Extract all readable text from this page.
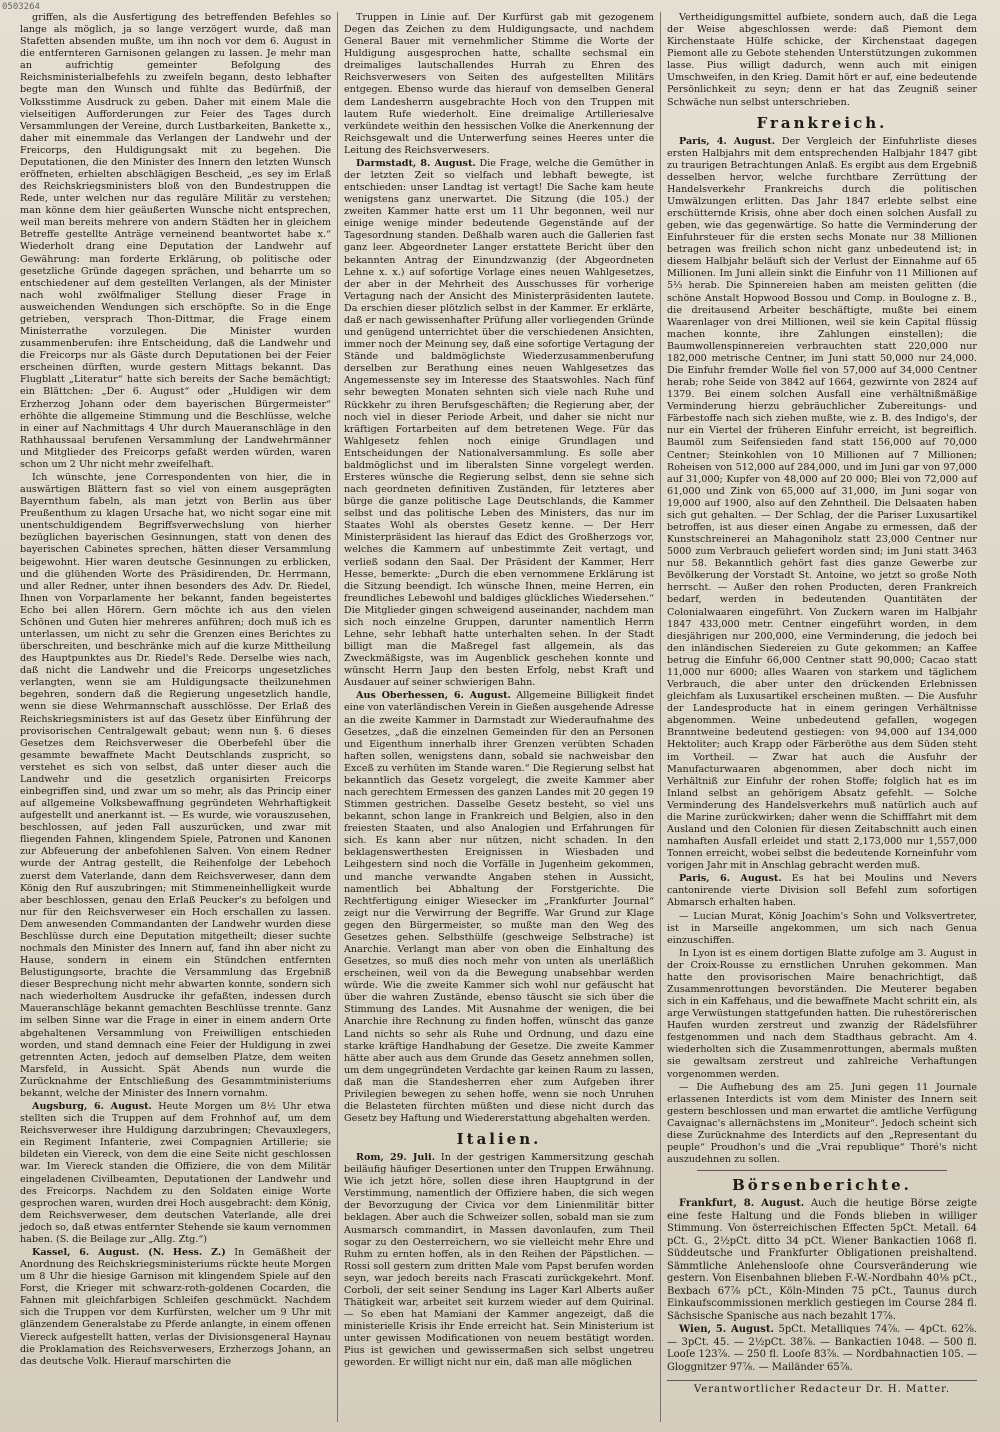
0503264

griffen, als die Ausfertigung des betreffenden Befehles so lange als möglich, ja so lange verzögert wurde, daß man Stafetten absenden mußte, um ihn noch vor dem 6. August in die entfernteren Garnisonen gelangen zu lassen. Je mehr man an aufrichtig gemeinter Befolgung des Reichsministerialbefehls zu zweifeln begann, desto lebhafter begte man den Wunsch und fühlte das Bedürfniß, der Volksstimme Ausdruck zu geben. Daher mit einem Male die vielseitigen Aufforderungen zur Feier des Tages durch Versammlungen der Vereine, durch Lustbarkeiten, Bankette x., daher mit einemmale das Verlangen der Landwehr und der Freicorps, den Huldigungsakt mit zu begehen. Die Deputationen, die den Minister des Innern den letzten Wunsch eröffneten, erhielten abschlägigen Bescheid, „es sey im Erlaß des Reichskriegsministers bloß von den Bundestruppen die Rede, unter welchen nur das reguläre Militär zu verstehen; man könne dem hier geäußerten Wunsche nicht entsprechen, weil man bereits mehrere von andern Städten her in gleichem Betreffe gestellte Anträge verneinend beantwortet habe x.“ Wiederholt drang eine Deputation der Landwehr auf Gewährung: man forderte Erklärung, ob politische oder gesetzliche Gründe dagegen sprächen, und beharrte um so entschiedener auf dem gestellten Verlangen, als der Minister nach wohl zwölfmaliger Stellung dieser Frage in ausweichenden Wendungen sich erschöpfte. So in die Enge getrieben, versprach Thon-Dittmar, die Frage einem Ministerrathe vorzulegen. Die Minister wurden zusammenberufen: ihre Entscheidung, daß die Landwehr und die Freicorps nur als Gäste durch Deputationen bei der Feier erscheinen dürften, wurde gestern Mittags bekannt. Das Flugblatt „Literatur“ hatte sich bereits der Sache bemächtigt; ein Blättchen: „Der 6. August“ oder „Huldigen wir dem Erzherzog Johann oder dem bayerischen Bürgermeister“ erhöhte die allgemeine Stimmung und die Beschlüsse, welche in einer auf Nachmittags 4 Uhr durch Maueranschläge in den Rathhaussaal berufenen Versammlung der Landwehrmänner und Mitglieder des Freicorps gefaßt werden würden, waren schon um 2 Uhr nicht mehr zweifelhaft.

Ich wünschte, jene Correspondenten von hier, die in auswärtigen Blättern fast so viel von einem ausgeprägten Bayernthum fabeln, als man jetzt von Berlin aus über Preußenthum zu klagen Ursache hat, wo nicht sogar eine mit unentschuldigendem Begriffsverwechslung von hierher bezüglichen bayerischen Gesinnungen, statt von denen des bayerischen Cabinetes sprechen, hätten dieser Versammlung beigewohnt. Hier waren deutsche Gesinnungen zu erblicken, und die glühenden Worte des Präsidirenden, Dr. Herrmann, und aller Redner, unter ihnen besonders des Adv. Dr. Riedel, Ihnen von Vorparlamente her bekannt, fanden begeistertes Echo bei allen Hörern. Gern möchte ich aus den vielen Schönen und Guten hier mehreres anführen; doch muß ich es unterlassen, um nicht zu sehr die Grenzen eines Berichtes zu überschreiten, und beschränke mich auf die kurze Mittheilung des Hauptpunktes aus Dr. Riedel's Rede. Derselbe wies nach, daß nicht die Landwehr und die Freicorps ungesetzliches verlangten, wenn sie am Huldigungsacte theilzunehmen begehren, sondern daß die Regierung ungesetzlich handle, wenn sie diese Wehrmannschaft ausschlösse. Der Erlaß des Reichskriegsministers ist auf das Gesetz über Einführung der provisorischen Centralgewalt gebaut; wenn nun §. 6 dieses Gesetzes dem Reichsverweser die Oberbefehl über die gesammte bewaffnete Macht Deutschlands zuspricht, so verstehet es sich von selbst, daß unter dieser auch die Landwehr und die gesetzlich organisirten Freicorps einbegriffen sind, und zwar um so mehr, als das Princip einer auf allgemeine Volksbewaffnung gegründeten Wehrhaftigkeit aufgestellt und anerkannt ist. — Es wurde, wie vorauszusehen, beschlossen, auf jeden Fall auszurücken, und zwar mit fliegenden Fahnen, klingendem Spiele, Patronen und Kanonen zur Abfeuerung der anbefohlenen Salven. Von einem Redner wurde der Antrag gestellt, die Reihenfolge der Lebehoch zuerst dem Vaterlande, dann dem Reichsverweser, dann dem König den Ruf auszubringen; mit Stimmeneinhelligkeit wurde aber beschlossen, genau den Erlaß Peucker's zu befolgen und nur für den Reichsverweser ein Hoch erschallen zu lassen. Dem anwesenden Commandanten der Landwehr wurden diese Beschlüsse durch eine Deputation mitgetheilt; dieser suchte nochmals den Minister des Innern auf, fand ihn aber nicht zu Hause, sondern in einem ein Stündchen entfernten Belustigungsorte, brachte die Versammlung das Ergebniß dieser Besprechung nicht mehr abwarten konnte, sondern sich nach wiederholtem Ausdrucke ihr gefaßten, indessen durch Maueranschläge bekannt gemachten Beschlüsse trennte. Ganz im selben Sinne war die Frage in einer in einem andern Orte abgehaltenen Versammlung von Freiwilligen entschieden worden, und stand demnach eine Feier der Huldigung in zwei getrennten Acten, jedoch auf demselben Platze, dem weiten Marsfeld, in Aussicht. Spät Abends nun wurde die Zurücknahme der Entschließung des Gesammtministeriums bekannt, welche der Minister des Innern vornahm.

Augsburg, 6. August. Heute Morgen um 8½ Uhr etwa stellten sich die Truppen auf dem Frohnhof auf, um dem Reichsverweser ihre Huldigung darzubringen; Chevauxlegers, ein Regiment Infanterie, zwei Compagnien Artillerie; sie bildeten ein Viereck, von dem die eine Seite nicht geschlossen war. Im Viereck standen die Offiziere, die von dem Militär eingeladenen Civilbeamten, Deputationen der Landwehr und des Freicorps. Nachdem zu den Soldaten einige Worte gesprochen waren, wurden drei Hoch ausgebracht: dem König, dem Reichsverweser, dem deutschen Vaterlande, alle drei jedoch so, daß etwas entfernter Stehende sie kaum vernommen haben. (S. die Beilage zur „Allg. Ztg.“)

Kassel, 6. August. (N. Hess. Z.) In Gemäßheit der Anordnung des Reichskriegsministeriums rückte heute Morgen um 8 Uhr die hiesige Garnison mit klingendem Spiele auf den Forst, die Krieger mit schwarz-roth-goldenen Cocarden, die Fahnen mit gleichfarbigen Schleifen geschmückt. Nachdem sich die Truppen vor dem Kurfürsten, welcher um 9 Uhr mit glänzendem Generalstabe zu Pferde anlangte, in einem offenen Viereck aufgestellt hatten, verlas der Divisionsgeneral Haynau die Proklamation des Reichsverwesers, Erzherzogs Johann, an das deutsche Volk. Hierauf marschirten die

Truppen in Linie auf. Der Kurfürst gab mit gezogenem Degen das Zeichen zu dem Huldigungsacte, und nachdem General Bauer mit vernehmlicher Stimme die Worte der Huldigung ausgesprochen hatte, schallte sechsmal ein dreimaliges lautschallendes Hurrah zu Ehren des Reichsverwesers von Seiten des aufgestellten Militärs entgegen. Ebenso wurde das hierauf von demselben General dem Landesherrn ausgebrachte Hoch von den Truppen mit lautem Rufe wiederholt. Eine dreimalige Artilleriesalve verkündete weithin den hessischen Volke die Anerkennung der Reichsgewalt und die Unterwerfung seines Heeres unter die Leitung des Reichsverwesers.

Darmstadt, 8. August. Die Frage, welche die Gemüther in der letzten Zeit so vielfach und lebhaft bewegte, ist entschieden: unser Landtag ist vertagt! Die Sache kam heute wenigstens ganz unerwartet. Die Sitzung (die 105.) der zweiten Kammer hatte erst um 11 Uhr begonnen, weil nur einige wenige minder bedeutende Gegenstände auf der Tagesordnung standen. Deßhalb waren auch die Gallerien fast ganz leer. Abgeordneter Langer erstattete Bericht über den bekannten Antrag der Einundzwanzig (der Abgeordneten Lehne x. x.) auf sofortige Vorlage eines neuen Wahlgesetzes, der aber in der Mehrheit des Ausschusses für vorherige Vertagung nach der Ansicht des Ministerpräsidenten lautete. Da erschien dieser plötzlich selbst in der Kammer. Er erklärte, daß er nach gewissenhafter Prüfung aller vorliegenden Gründe und genügend unterrichtet über die verschiedenen Ansichten, immer noch der Meinung sey, daß eine sofortige Vertagung der Stände und baldmöglichste Wiederzusammenberufung derselben zur Berathung eines neuen Wahlgesetzes das Angemessenste sey im Interesse des Staatswohles. Nach fünf sehr bewegten Monaten sehnten sich viele nach Ruhe und Rückkehr zu ihren Berufsgeschäften; die Regierung aber, der noch viel in dieser Periode Arbeit, und daher sie nicht nur kräftigen Fortarbeiten auf dem betretenen Wege. Für das Wahlgesetz fehlen noch einige Grundlagen und Entscheidungen der Nationalversammlung. Es solle aber baldmöglichst und im liberalsten Sinne vorgelegt werden. Ersteres wünsche die Regierung selbst, denn sie sehne sich nach geordneten definitiven Zuständen, für letzteres aber bürge die ganze politische Lage Deutschlands, die Kammer selbst und das politische Leben des Ministers, das nur im Staates Wohl als oberstes Gesetz kenne. — Der Herr Ministerpräsident las hierauf das Edict des Großherzogs vor, welches die Kammern auf unbestimmte Zeit vertagt, und verließ sodann den Saal. Der Präsident der Kammer, Herr Hesse, bemerkte: „Durch die eben vernommene Erklärung ist die Sitzung beendigt. Ich wünsche Ihnen, meine Herren, ein freundliches Lebewohl und baldiges glückliches Wiedersehen.“ Die Mitglieder gingen schweigend auseinander, nachdem man sich noch einzelne Gruppen, darunter namentlich Herrn Lehne, sehr lebhaft hatte unterhalten sehen. In der Stadt billigt man die Maßregel fast allgemein, als das Zweckmäßigste, was im Augenblick geschehen konnte und wünscht Herrn Jaup den besten Erfolg, nebst Kraft und Ausdauer auf seiner schwierigen Bahn.

Aus Oberhessen, 6. August. Allgemeine Billigkeit findet eine von vaterländischen Verein in Gießen ausgehende Adresse an die zweite Kammer in Darmstadt zur Wiederaufnahme des Gesetzes, „daß die einzelnen Gemeinden für den an Personen und Eigenthum innerhalb ihrer Grenzen verübten Schaden haften sollen, wenigstens dann, sobald sie nachweisbar den Exceß zu verhüten im Stande waren.“ Die Regierung selbst hat bekanntlich das Gesetz vorgelegt, die zweite Kammer aber nach gerechtem Ermessen des ganzen Landes mit 20 gegen 19 Stimmen gestrichen. Dasselbe Gesetz besteht, so viel uns bekannt, schon lange in Frankreich und Belgien, also in den freiesten Staaten, und also Analogien und Erfahrungen für sich. Es kann aber nur nützen, nicht schaden. In den beklagenswerthesten Ereignissen in Wiesbaden und Leihgestern sind noch die Vorfälle in Jugenheim gekommen, und manche verwandte Angaben stehen in Aussicht, namentlich bei Abhaltung der Forstgerichte. Die Rechtfertigung einiger Wiesecker im „Frankfurter Journal“ zeigt nur die Verwirrung der Begriffe. War Grund zur Klage gegen den Bürgermeister, so mußte man den Weg des Gesetzes gehen. Selbsthülfe (geschweige Selbstrache) ist Anarchie. Verlangt man aber von oben die Einhaltung des Gesetzes, so muß dies noch mehr von unten als unerläßlich erscheinen, weil von da die Bewegung unabsehbar werden würde. Wie die zweite Kammer sich wohl nur gefäuscht hat über die wahren Zustände, ebenso täuscht sie sich über die Stimmung des Landes. Mit Ausnahme der wenigen, die bei Anarchie ihre Rechnung zu finden hoffen, wünscht das ganze Land nichts so sehr als Ruhe und Ordnung, und dazu eine starke kräftige Handhabung der Gesetze. Die zweite Kammer hätte aber auch aus dem Grunde das Gesetz annehmen sollen, um dem ungegründeten Verdachte gar keinen Raum zu lassen, daß man die Standesherren eher zum Aufgeben ihrer Privilegien bewegen zu sehen hoffe, wenn sie noch Unruhen die Belasteten fürchten müßten und diese nicht durch das Gesetz bey Haftung und Wiedererstattung abgehalten werden.

Italien.

Rom, 29. Juli. In der gestrigen Kammersitzung geschah beiläufig häufiger Desertionen unter den Truppen Erwähnung. Wie ich jetzt höre, sollen diese ihren Hauptgrund in der Verstimmung, namentlich der Offiziere haben, die sich wegen der Bevorzugung der Civica vor dem Linienmilitär bitter beklagen. Aber auch die Schweizer sollen, sobald man sie zum Ausmarsch commandirt, in Massen davonlaufen, zum Theil sogar zu den Oesterreichern, wo sie vielleicht mehr Ehre und Ruhm zu ernten hoffen, als in den Reihen der Päpstlichen. — Rossi soll gestern zum dritten Male vom Papst berufen worden seyn, war jedoch bereits nach Frascati zurückgekehrt. Monf. Corboli, der seit seiner Sendung ins Lager Karl Alberts außer Thätigkeit war, arbeitet seit kurzem wieder auf dem Quirinal. — So eben hat Mamiani der Kammer angezeigt, daß die ministerielle Krisis ihr Ende erreicht hat. Sein Ministerium ist unter gewissen Modificationen von neuem bestätigt worden. Pius ist gewichen und gewissermaßen sich selbst ungetreu geworden. Er willigt nicht nur ein, daß man alle möglichen

Vertheidigungsmittel aufbiete, sondern auch, daß die Lega der Weise abgeschlossen werde: daß Piemont dem Kirchenstaate Hülfe schicke, der Kirchenstaat dagegen Piemont alle zu Gebote stehenden Unterstützungen zukommen lasse. Pius willigt dadurch, wenn auch mit einigen Umschweifen, in den Krieg. Damit hört er auf, eine bedeutende Persönlichkeit zu seyn; denn er hat das Zeugniß seiner Schwäche nun selbst unterschrieben.

Frankreich.

Paris, 4. August. Der Vergleich der Einfuhrliste dieses ersten Halbjahrs mit dem entsprechenden Halbjahr 1847 gibt zu traurigen Betrachtungen Anlaß. Es ergibt aus dem Ergebniß desselben hervor, welche furchtbare Zerrüttung der Handelsverkehr Frankreichs durch die politischen Umwälzungen erlitten. Das Jahr 1847 erlebte selbst eine erschütternde Krisis, ohne aber doch einen solchen Ausfall zu geben, wie das gegenwärtige. So hatte die Verminderung der Einfuhrsteuer für die ersten sechs Monate nur 38 Millionen betragen was freilich schon nicht ganz unbedeutend ist; in diesem Halbjahr beläuft sich der Verlust der Einnahme auf 65 Millionen. Im Juni allein sinkt die Einfuhr von 11 Millionen auf 5⅓ herab. Die Spinnereien haben am meisten gelitten (die schöne Anstalt Hopwood Bossou und Comp. in Boulogne z. B., die dreitausend Arbeiter beschäftigte, mußte bei einem Waarenlager von drei Millionen, weil sie kein Capital flüssig machen konnte, ihre Zahlungen einstellen); die Baumwollenspinnereien verbrauchten statt 220,000 nur 182,000 metrische Centner, im Juni statt 50,000 nur 24,000. Die Einfuhr fremder Wolle fiel von 57,000 auf 34,000 Centner herab; rohe Seide von 3842 auf 1664, gezwirnte von 2824 auf 1379. Bei einem solchen Ausfall eine verhältnißmäßige Verminderung hierzu gebräuchlicher Zubereitungs- und Färbestoffe nach sich ziehen mußte, wie z. B. des Indigo's, der nur ein Viertel der früheren Einfuhr erreicht, ist begreiflich. Baumöl zum Seifensieden fand statt 156,000 auf 70,000 Centner; Steinkohlen von 10 Millionen auf 7 Millionen; Roheisen von 512,000 auf 284,000, und im Juni gar von 97,000 auf 31,000; Kupfer von 48,000 auf 20 000; Blei von 72,000 auf 61,000 und Zink von 65,000 auf 31,000, im Juni sogar von 19,000 auf 1900, also auf den Zehntheil. Die Delsaaten haben sich gut gehalten. — Der Schlag, der die Pariser Luxusartikel betroffen, ist aus dieser einen Angabe zu ermessen, daß der Kunstschreinerei an Mahagoniholz statt 23,000 Centner nur 5000 zum Verbrauch geliefert worden sind; im Juni statt 3463 nur 58. Bekanntlich gehört fast dies ganze Gewerbe zur Bevölkerung der Vorstadt St. Antoine, wo jetzt so große Noth herrscht. — Außer den rohen Producten, deren Frankreich bedarf, werden in bedeutenden Quantitäten der Colonialwaaren eingeführt. Von Zuckern waren im Halbjahr 1847 433,000 metr. Centner eingeführt worden, in dem diesjährigen nur 200,000, eine Verminderung, die jedoch bei den inländischen Siedereien zu Gute gekommen; an Kaffee betrug die Einfuhr 66,000 Centner statt 90,000; Cacao statt 11,000 nur 6000; alles Waaren von starkem und täglichem Verbrauch, die aber unter den drückenden Erlebnissen gleichfam als Luxusartikel erscheinen mußten. — Die Ausfuhr der Landesproducte hat in einem geringen Verhältnisse abgenommen. Weine unbedeutend gefallen, wogegen Branntweine bedeutend gestiegen: von 94,000 auf 134,000 Hektoliter; auch Krapp oder Färberöthe aus dem Süden steht im Vortheil. — Zwar hat auch die Ausfuhr der Manufacturwaaren abgenommen, aber doch nicht im Verhältniß zur Einfuhr der rohen Stoffe; folglich hat es im Inland selbst an gehörigem Absatz gefehlt. — Solche Verminderung des Handelsverkehrs muß natürlich auch auf die Marine zurückwirken; daher wenn die Schifffahrt mit dem Ausland und den Colonien für diesen Zeitabschnitt auch einen namhaften Ausfall erleidet und statt 2,173,000 nur 1,557,000 Tonnen erreicht, wobei selbst die bedeutende Korneinfuhr vom vorigen Jahr mit in Anschlag gebracht werden muß.

Paris, 6. August. Es hat bei Moulins und Nevers cantonirende vierte Division soll Befehl zum sofortigen Abmarsch erhalten haben.

— Lucian Murat, König Joachim's Sohn und Volksvertreter, ist in Marseille angekommen, um sich nach Genua einzuschiffen.

In Lyon ist es einem dortigen Blatte zufolge am 3. August in der Croix-Rousse zu ernstlichen Unruhen gekommen. Man hatte den provisorischen Maire benachrichtigt, daß Zusammenrottungen bevorständen. Die Meuterer begaben sich in ein Kaffehaus, und die bewaffnete Macht schritt ein, als arge Verwüstungen stattgefunden hatten. Die ruhestörerischen Haufen wurden zerstreut und zwanzig der Rädelsführer festgenommen und nach dem Stadthaus gebracht. Am 4. wiederholten sich die Zusammenrottungen, abermals mußten sie gewaltsam zerstreut und zahlreiche Verhaftungen vorgenommen werden.

— Die Aufhebung des am 25. Juni gegen 11 Journale erlassenen Interdicts ist vom dem Minister des Innern seit gestern beschlossen und man erwartet die amtliche Verfügung Cavaignac's allernächstens im „Moniteur“. Jedoch scheint sich diese Zurücknahme des Interdicts auf den „Representant du peuple“ Proudhon's und die „Vrai republique“ Thoré's nicht auszudehnen zu sollen.

Börsenberichte.

Frankfurt, 8. August. Auch die heutige Börse zeigte eine feste Haltung und die Fonds blieben in williger Stimmung. Von österreichischen Effecten 5pCt. Metall. 64 pCt. G., 2½pCt. ditto 34 pCt. Wiener Bankactien 1068 fl. Süddeutsche und Frankfurter Obligationen preishaltend. Sämmtliche Anlehenslooſe ohne Coursveränderung wie gestern. Von Eisenbahnen blieben F.-W.-Nordbahn 40⅛ pCt., Bexbach 67⅞ pCt., Köln-Minden 75 pCt., Taunus durch Einkaufscommissionen merklich gestiegen im Course 284 fl. Sächsische Spanische aus nach bezahlt 17⅞.

Wien, 5. August. 5pCt. Metalliques 74⅞. — 4pCt. 62⅞. — 3pCt. 45. — 2½pCt. 38⅞. — Bankactien 1048. — 500 fl. Looſe 123⅞. — 250 fl. Looſe 83⅞. — Nordbahnactien 105. — Gloggnitzer 97⅞. — Mailänder 65⅞.

Verantwortlicher Redacteur Dr. H. Matter.
